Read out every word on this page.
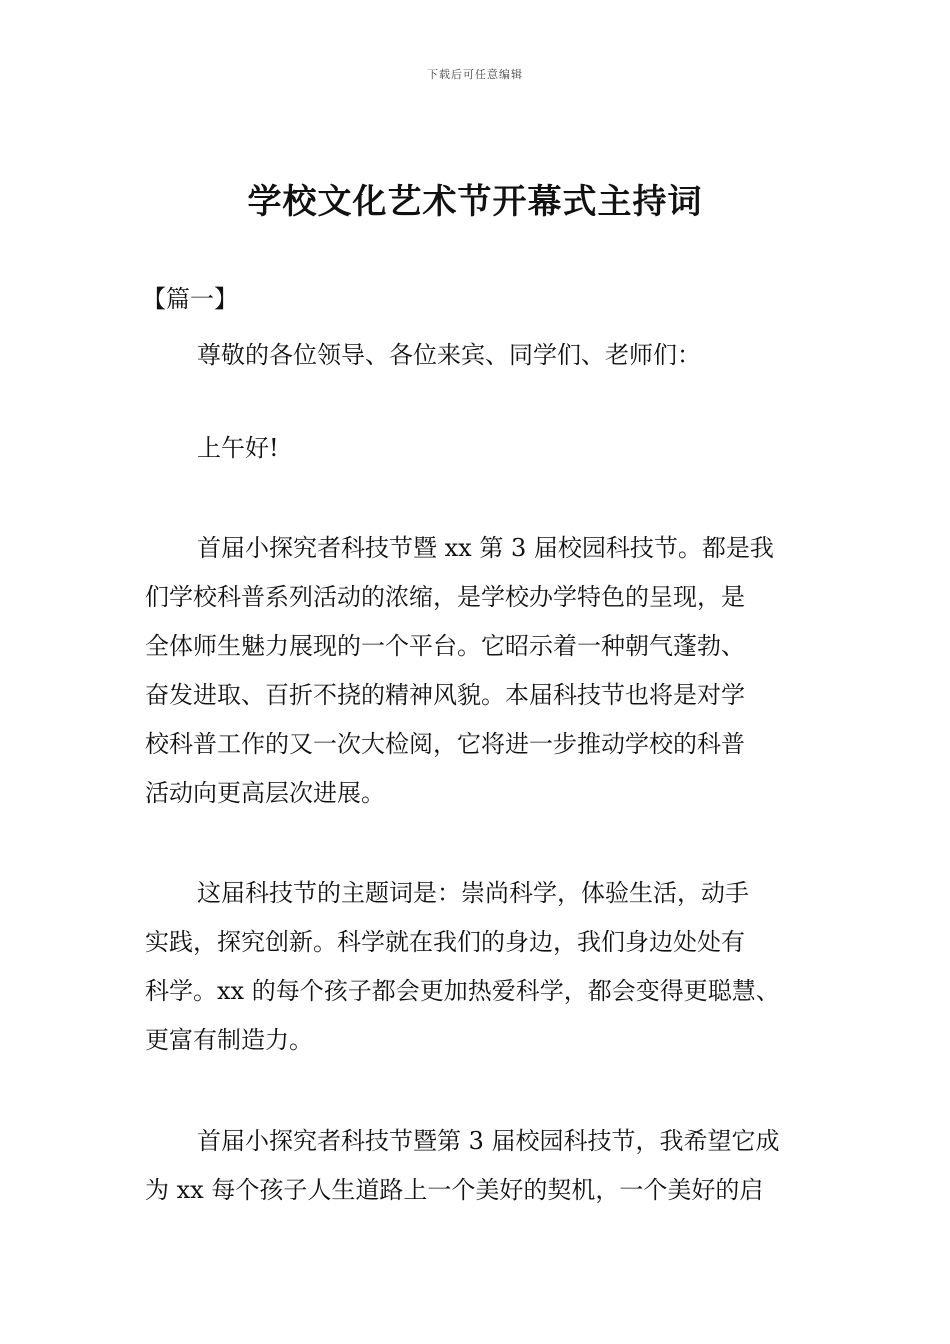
下载后可任意编辑
学校文化艺术节开幕式主持词
【篇一】
尊敬的各位领导、各位来宾、同学们、老师们：
上午好!
首届小探究者科技节暨 xx 第 3 届校园科技节。都是我
们学校科普系列活动的浓缩，是学校办学特色的呈现，是
全体师生魅力展现的一个平台。它昭示着一种朝气蓬勃、
奋发进取、百折不挠的精神风貌。本届科技节也将是对学
校科普工作的又一次大检阅，它将进一步推动学校的科普
活动向更高层次进展。
这届科技节的主题词是：崇尚科学，体验生活，动手
实践，探究创新。科学就在我们的身边，我们身边处处有
科学。xx 的每个孩子都会更加热爱科学，都会变得更聪慧、
更富有制造力。
首届小探究者科技节暨第 3 届校园科技节，我希望它成
为 xx 每个孩子人生道路上一个美好的契机，一个美好的启
